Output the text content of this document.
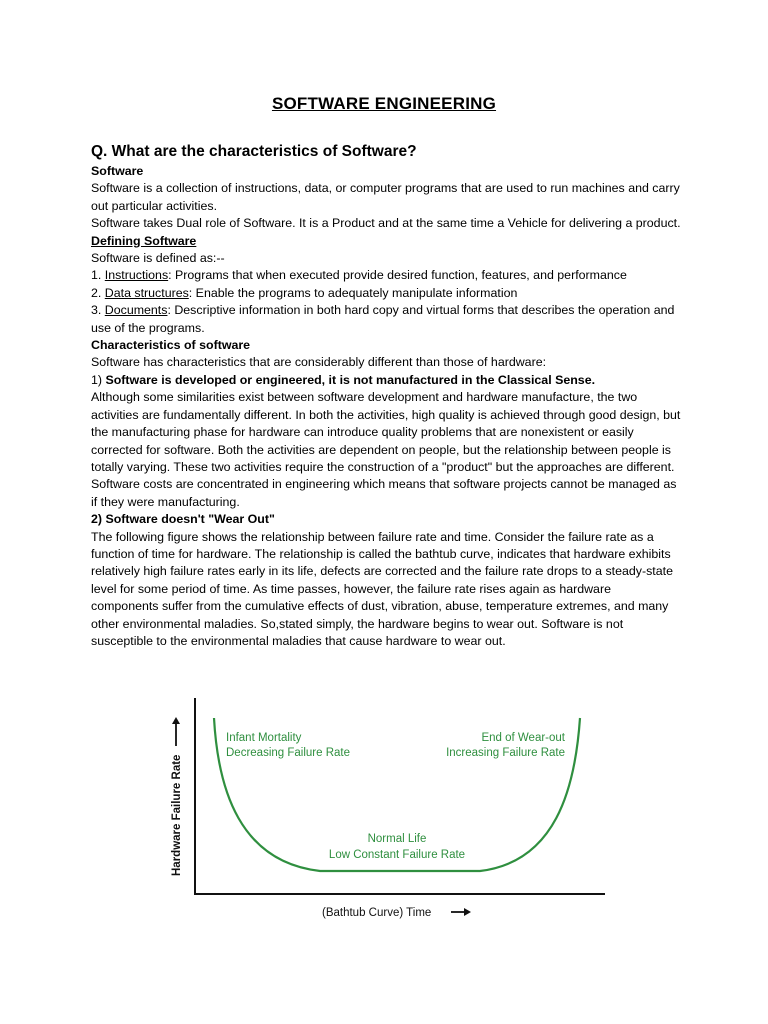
SOFTWARE ENGINEERING
Q. What are the characteristics of Software?

Software

Software is a collection of instructions, data, or computer programs that are used to run machines and carry out particular activities.

Software takes Dual role of Software. It is a Product and at the same time a Vehicle for delivering a product.

Defining Software

Software is defined as:--

1. Instructions: Programs that when executed provide desired function, features, and performance

2. Data structures: Enable the programs to adequately manipulate information

3. Documents: Descriptive information in both hard copy and virtual forms that describes the operation and use of the programs.

Characteristics of software

Software has characteristics that are considerably different than those of hardware:

1) Software is developed or engineered, it is not manufactured in the Classical Sense.

Although some similarities exist between software development and hardware manufacture, the two activities are fundamentally different. In both the activities, high quality is achieved through good design, but the manufacturing phase for hardware can introduce quality problems that are nonexistent or easily corrected for software. Both the activities are dependent on people, but the relationship between people is totally varying. These two activities require the construction of a "product" but the approaches are different. Software costs are concentrated in engineering which means that software projects cannot be managed as if they were manufacturing.

2) Software doesn't "Wear Out"

The following figure shows the relationship between failure rate and time. Consider the failure rate as a function of time for hardware. The relationship is called the bathtub curve, indicates that hardware exhibits relatively high failure rates early in its life, defects are corrected and the failure rate drops to a steady-state level for some period of time. As time passes, however, the failure rate rises again as hardware components suffer from the cumulative effects of dust, vibration, abuse, temperature extremes, and many other environmental maladies. So,stated simply, the hardware begins to wear out. Software is not susceptible to the environmental maladies that cause hardware to wear out.

Hardware Failure Rate
(Bathtub Curve) Time
Infant Mortality
Decreasing Failure Rate
End of Wear-out
Increasing Failure Rate
Normal Life
Low Constant Failure Rate
